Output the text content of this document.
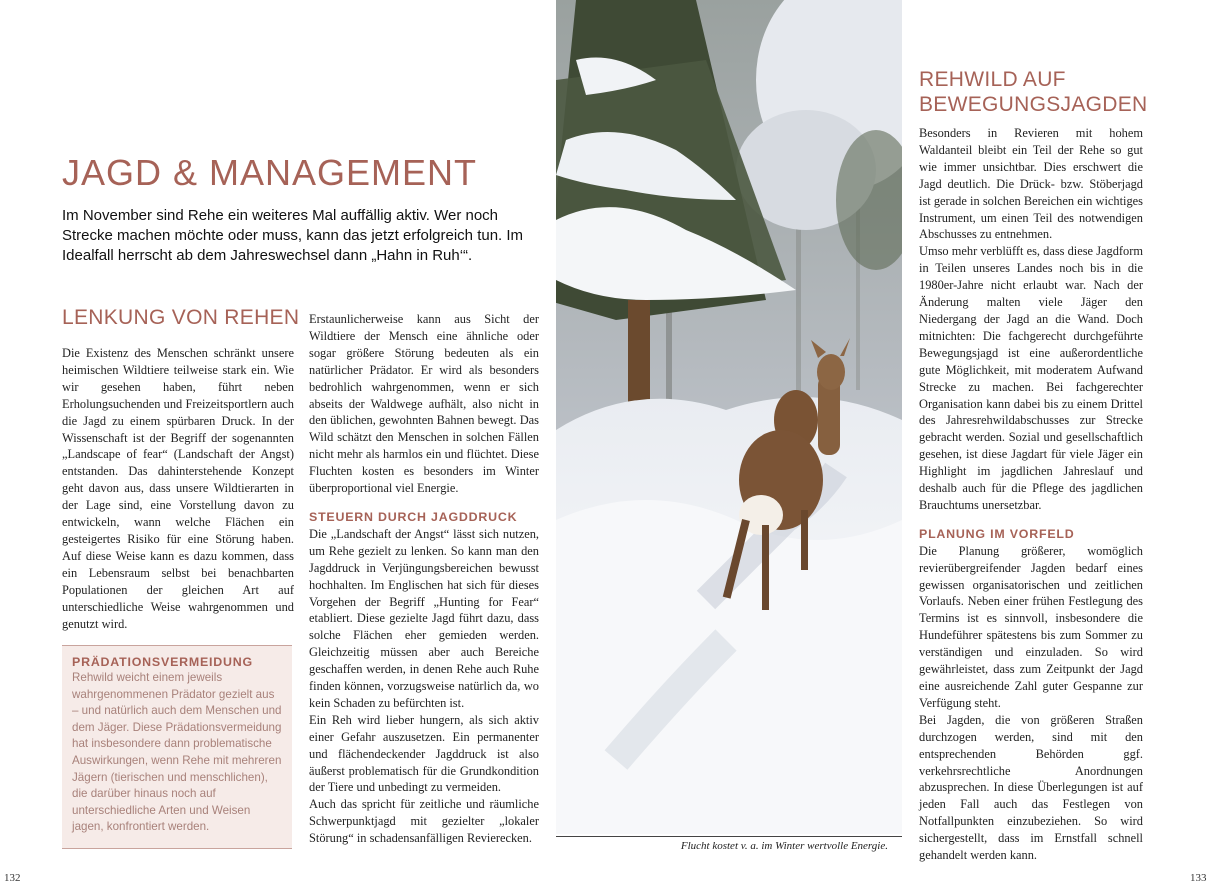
JAGD & MANAGEMENT

Im November sind Rehe ein weiteres Mal auffällig aktiv. Wer noch Strecke machen möchte oder muss, kann das jetzt erfolgreich tun. Im Idealfall herrscht ab dem Jahreswechsel dann „Hahn in Ruh‘“.

LENKUNG VON REHEN

Die Existenz des Menschen schränkt unsere heimischen Wildtiere teilweise stark ein. Wie wir gesehen haben, führt neben Erholungsuchenden und Freizeitsportlern auch die Jagd zu einem spürbaren Druck. In der Wissenschaft ist der Begriff der sogenannten „Landscape of fear“ (Landschaft der Angst) entstanden. Das dahinterstehende Konzept geht davon aus, dass unsere Wildtierarten in der Lage sind, eine Vorstellung davon zu entwickeln, wann welche Flächen ein gesteigertes Risiko für eine Störung haben. Auf diese Weise kann es dazu kommen, dass ein Lebensraum selbst bei benachbarten Populationen der gleichen Art auf unterschiedliche Weise wahrgenommen und genutzt wird.

PRÄDATIONSVERMEIDUNG

Rehwild weicht einem jeweils wahrgenommenen Prädator gezielt aus – und natürlich auch dem Menschen und dem Jäger. Diese Prädationsvermeidung hat insbesondere dann problematische Auswirkungen, wenn Rehe mit mehreren Jägern (tierischen und menschlichen), die darüber hinaus noch auf unterschiedliche Arten und Weisen jagen, konfrontiert werden.

Erstaunlicherweise kann aus Sicht der Wildtiere der Mensch eine ähnliche oder sogar größere Störung bedeuten als ein natürlicher Prädator. Er wird als besonders bedrohlich wahrgenommen, wenn er sich abseits der Waldwege aufhält, also nicht in den üblichen, gewohnten Bahnen bewegt. Das Wild schätzt den Menschen in solchen Fällen nicht mehr als harmlos ein und flüchtet. Diese Fluchten kosten es besonders im Winter überproportional viel Energie.

STEUERN DURCH JAGDDRUCK

Die „Landschaft der Angst“ lässt sich nutzen, um Rehe gezielt zu lenken. So kann man den Jagddruck in Verjüngungsbereichen bewusst hochhalten. Im Englischen hat sich für dieses Vorgehen der Begriff „Hunting for Fear“ etabliert. Diese gezielte Jagd führt dazu, dass solche Flächen eher gemieden werden. Gleichzeitig müssen aber auch Bereiche geschaffen werden, in denen Rehe auch Ruhe finden können, vorzugsweise natürlich da, wo kein Schaden zu befürchten ist.

Ein Reh wird lieber hungern, als sich aktiv einer Gefahr auszusetzen. Ein permanenter und flächendeckender Jagddruck ist also äußerst problematisch für die Grundkondition der Tiere und unbedingt zu vermeiden.

Auch das spricht für zeitliche und räumliche Schwerpunktjagd mit gezielter „lokaler Störung“ in schadensanfälligen Revierecken.

132

Flucht kostet v. a. im Winter wertvolle Energie.

REHWILD AUF
BEWEGUNGSJAGDEN

Besonders in Revieren mit hohem Waldanteil bleibt ein Teil der Rehe so gut wie immer unsichtbar. Dies erschwert die Jagd deutlich. Die Drück- bzw. Stöberjagd ist gerade in solchen Bereichen ein wichtiges Instrument, um einen Teil des notwendigen Abschusses zu entnehmen.

Umso mehr verblüfft es, dass diese Jagdform in Teilen unseres Landes noch bis in die 1980er-Jahre nicht erlaubt war. Nach der Änderung malten viele Jäger den Niedergang der Jagd an die Wand. Doch mitnichten: Die fachgerecht durchgeführte Bewegungsjagd ist eine außerordentliche gute Möglichkeit, mit moderatem Aufwand Strecke zu machen. Bei fachgerechter Organisation kann dabei bis zu einem Drittel des Jahresrehwildabschusses zur Strecke gebracht werden. Sozial und gesellschaftlich gesehen, ist diese Jagdart für viele Jäger ein Highlight im jagdlichen Jahreslauf und deshalb auch für die Pflege des jagdlichen Brauchtums unersetzbar.

PLANUNG IM VORFELD

Die Planung größerer, womöglich revierübergreifender Jagden bedarf eines gewissen organisatorischen und zeitlichen Vorlaufs. Neben einer frühen Festlegung des Termins ist es sinnvoll, insbesondere die Hundeführer spätestens bis zum Sommer zu verständigen und einzuladen. So wird gewährleistet, dass zum Zeitpunkt der Jagd eine ausreichende Zahl guter Gespanne zur Verfügung steht.

Bei Jagden, die von größeren Straßen durchzogen werden, sind mit den entsprechenden Behörden ggf. verkehrsrechtliche Anordnungen abzusprechen. In diese Überlegungen ist auf jeden Fall auch das Festlegen von Notfallpunkten einzubeziehen. So wird sichergestellt, dass im Ernstfall schnell gehandelt werden kann.

133
